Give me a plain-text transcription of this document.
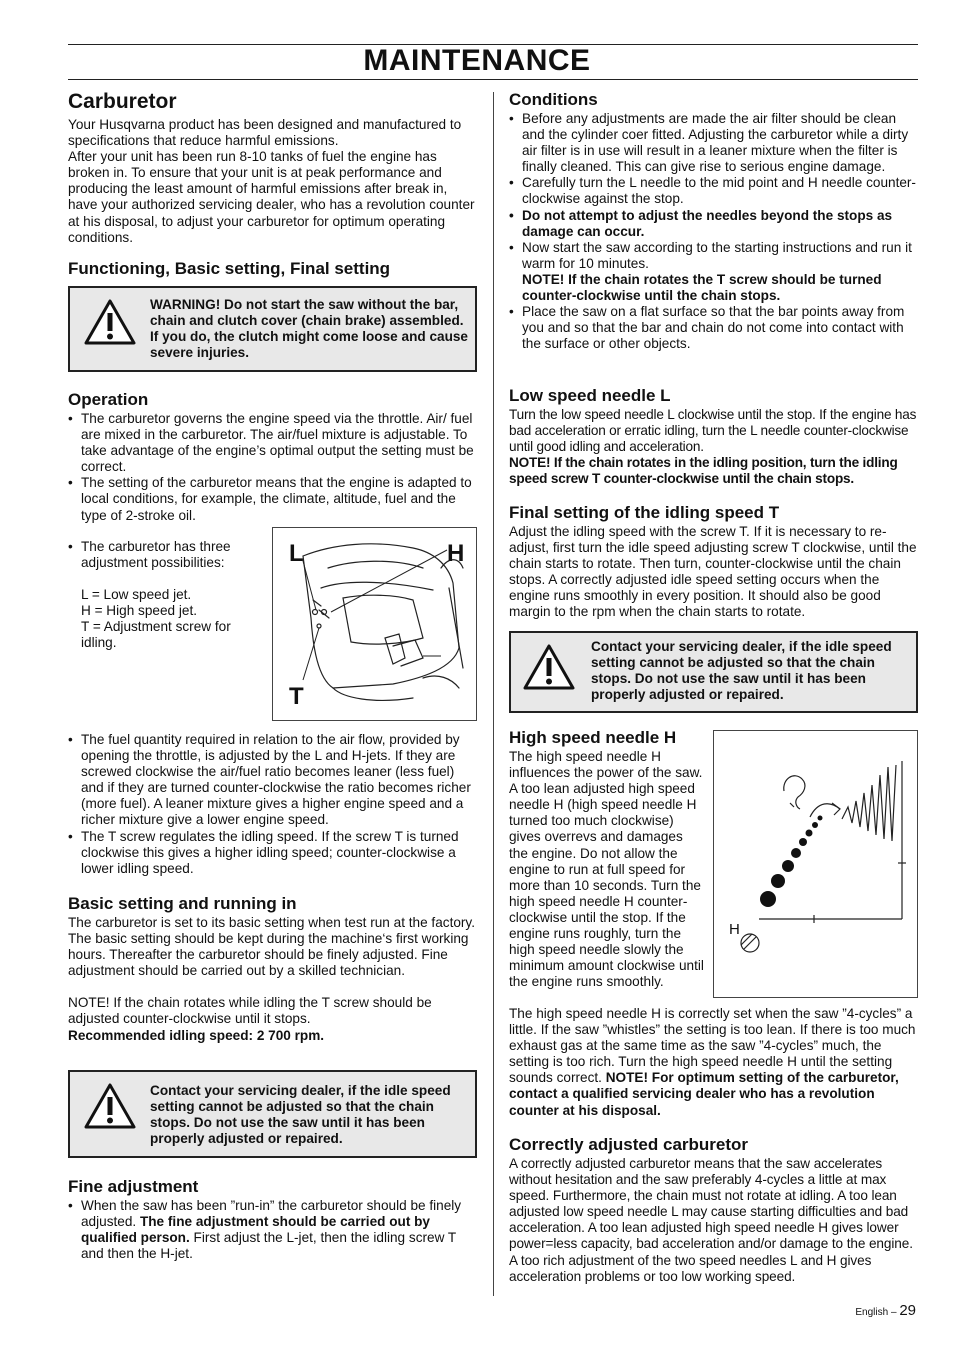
MAINTENANCE
Carburetor

Your Husqvarna product has been designed and manufactured to specifications that reduce harmful emissions.

After your unit has been run 8-10 tanks of fuel the engine has broken in. To ensure that your unit is at peak performance and producing the least amount of harmful emissions after break in, have your authorized servicing dealer, who has a revolution counter at his disposal, to adjust your carburetor for optimum operating conditions.

Functioning, Basic setting, Final setting
WARNING! Do not start the saw without the bar, chain and clutch cover (chain brake) assembled. If you do, the clutch might come loose and cause severe injuries.
Operation
• The carburetor governs the engine speed via the throttle. Air/ fuel are mixed in the carburetor. The air/fuel mixture is adjustable. To take advantage of the engine’s optimal output the setting must be correct.
• The setting of the carburetor means that the engine is adapted to local conditions, for example, the climate, altitude, fuel and the type of 2-stroke oil.
• The carburetor has three adjustment possibilities:
L = Low speed jet.
H = High speed jet.
T = Adjustment screw for idling.
L	H
T
• The fuel quantity required in relation to the air flow, provided by opening the throttle, is adjusted by the L and H-jets. If they are screwed clockwise the air/fuel ratio becomes leaner (less fuel) and if they are turned counter-clockwise the ratio becomes richer (more fuel). A leaner mixture gives a higher engine speed and a richer mixture give a lower engine speed.
• The T screw regulates the idling speed. If the screw T is turned clockwise this gives a higher idling speed; counter-clockwise a lower idling speed.
Basic setting and running in

The carburetor is set to its basic setting when test run at the factory. The basic setting should be kept during the machine‘s first working hours. Thereafter the carburetor should be finely adjusted. Fine adjustment should be carried out by a skilled technician.

NOTE! If the chain rotates while idling the T screw should be adjusted counter-clockwise until it stops.

Recommended idling speed: 2 700 rpm.

Contact your servicing dealer, if the idle speed setting cannot be adjusted so that the chain stops. Do not use the saw until it has been properly adjusted or repaired.
Fine adjustment
• When the saw has been ”run-in” the carburetor should be finely adjusted. The fine adjustment should be carried out by qualified person. First adjust the L-jet, then the idling screw T and then the H-jet.
Conditions
• Before any adjustments are made the air filter should be clean and the cylinder coer fitted. Adjusting the carburetor while a dirty air filter is in use will result in a leaner mixture when the filter is finally cleaned. This can give rise to serious engine damage.
• Carefully turn the L needle to the mid point and H needle counter-clockwise against the stop.
• Do not attempt to adjust the needles beyond the stops as damage can occur.
• Now start the saw according to the starting instructions and run it warm for 10 minutes.
NOTE! If the chain rotates the T screw should be turned counter-clockwise until the chain stops.
• Place the saw on a flat surface so that the bar points away from you and so that the bar and chain do not come into contact with the surface or other objects.
Low speed needle L

Turn the low speed needle L clockwise until the stop. If the engine has bad acceleration or erratic idling, turn the L needle counter-clockwise until good idling and acceleration.

NOTE! If the chain rotates in the idling position, turn the idling speed screw T counter-clockwise until the chain stops.

Final setting of the idling speed T

Adjust the idling speed with the screw T. If it is necessary to re-adjust, first turn the idle speed adjusting screw T clockwise, until the chain starts to rotate. Then turn, counter-clockwise until the chain stops. A correctly adjusted idle speed setting occurs when the engine runs smoothly in every position. It should also be good margin to the rpm when the chain starts to rotate.

Contact your servicing dealer, if the idle speed setting cannot be adjusted so that the chain stops. Do not use the saw until it has been properly adjusted or repaired.
High speed needle H

The high speed needle H influences the power of the saw. A too lean adjusted high speed needle H (high speed needle H turned too much clockwise) gives overrevs and damages the engine. Do not allow the engine to run at full speed for more than 10 seconds. Turn the high speed needle H counter-clockwise until the stop. If the engine runs roughly, turn the high speed needle slowly the minimum amount clockwise until the engine runs smoothly.

H

The high speed needle H is correctly set when the saw ”4-cycles” a little. If the saw ”whistles” the setting is too lean. If there is too much exhaust gas at the same time as the saw ”4-cycles” much, the setting is too rich. Turn the high speed needle H until the setting sounds correct. NOTE! For optimum setting of the carburetor, contact a qualified servicing dealer who has a revolution counter at his disposal.

Correctly adjusted carburetor

A correctly adjusted carburetor means that the saw accelerates without hesitation and the saw preferably 4-cycles a little at max speed. Furthermore, the chain must not rotate at idling. A too lean adjusted low speed needle L may cause starting difficulties and bad acceleration. A too lean adjusted high speed needle H gives lower power=less capacity, bad acceleration and/or damage to the engine. A too rich adjustment of the two speed needles L and H gives acceleration problems or too low working speed.

English – 29
